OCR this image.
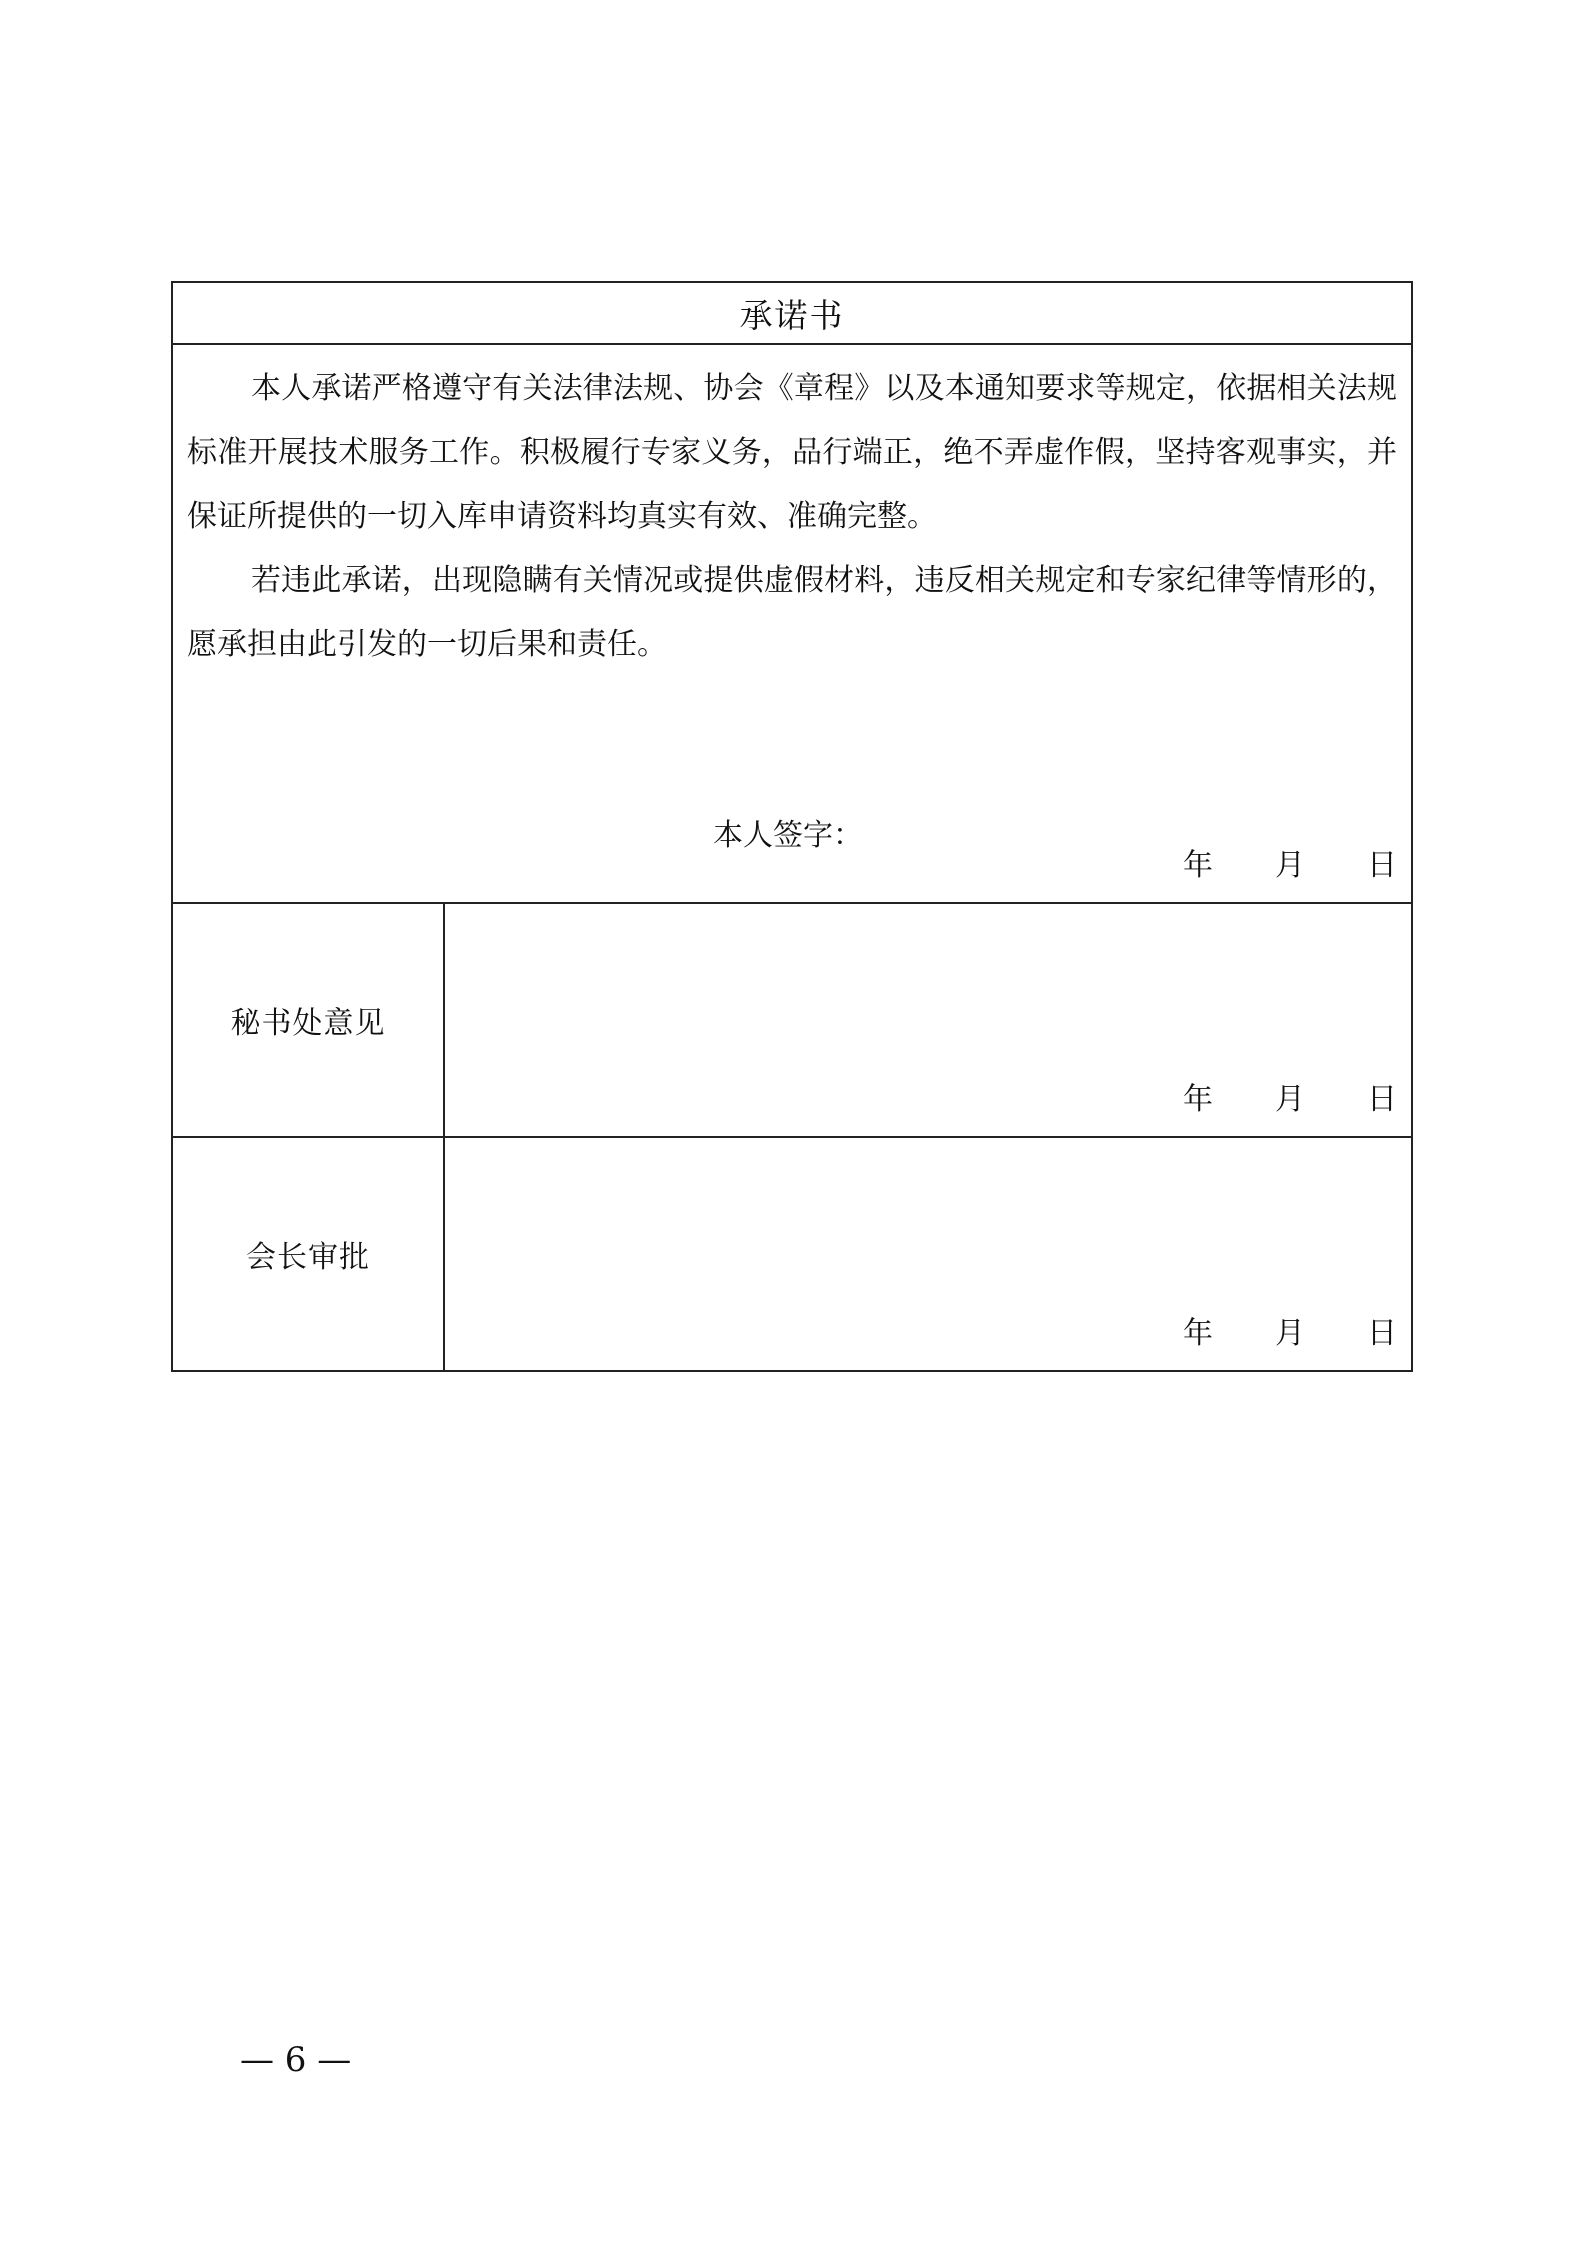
承诺书	

本人承诺严格遵守有关法律法规、协会《章程》以及本通知要求等规定，依据相关法规标准开展技术服务工作。积极履行专家义务，品行端正，绝不弄虚作假，坚持客观事实，并保证所提供的一切入库申请资料均真实有效、准确完整。

若违此承诺，出现隐瞒有关情况或提供虚假材料，违反相关规定和专家纪律等情形的，愿承担由此引发的一切后果和责任。

本人签字：
年 月 日	

秘书处意见	年 月 日

会长审批	年 月 日
— 6 —
